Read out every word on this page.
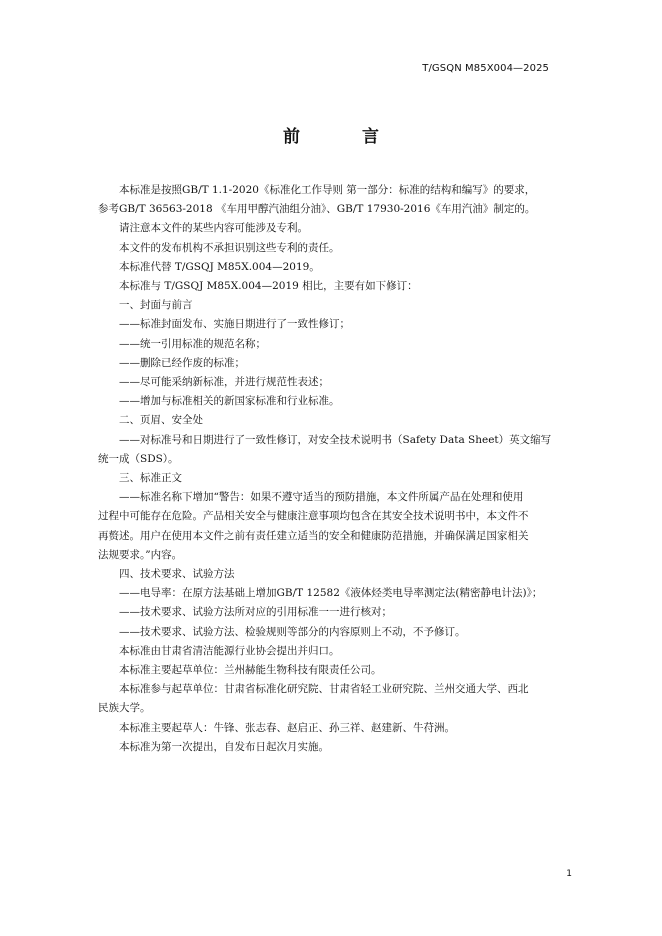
T/GSQN M85X004—2025
前 言

本标准是按照GB/T 1.1-2020《标准化工作导则 第一部分：标准的结构和编写》的要求，

参考GB/T 36563-2018 《车用甲醇汽油组分油》、GB/T 17930-2016《车用汽油》制定的。

请注意本文件的某些内容可能涉及专利。

本文件的发布机构不承担识别这些专利的责任。

本标准代替 T/GSQJ M85X.004—2019。

本标准与 T/GSQJ M85X.004—2019 相比，主要有如下修订：

一、封面与前言

——标准封面发布、实施日期进行了一致性修订；

——统一引用标准的规范名称；

——删除已经作废的标准；

——尽可能采纳新标准，并进行规范性表述；

——增加与标准相关的新国家标准和行业标准。

二、页眉、安全处

——对标准号和日期进行了一致性修订，对安全技术说明书（Safety Data Sheet）英文缩写

统一成（SDS）。

三、标准正文

——标准名称下增加“警告：如果不遵守适当的预防措施，本文件所属产品在处理和使用

过程中可能存在危险。产品相关安全与健康注意事项均包含在其安全技术说明书中，本文件不

再赘述。用户在使用本文件之前有责任建立适当的安全和健康防范措施，并确保满足国家相关

法规要求。”内容。

四、技术要求、试验方法

——电导率：在原方法基础上增加GB/T 12582《液体烃类电导率测定法(精密静电计法)》；

——技术要求、试验方法所对应的引用标准一一进行核对；

——技术要求、试验方法、检验规则等部分的内容原则上不动，不予修订。

本标准由甘肃省清洁能源行业协会提出并归口。

本标准主要起草单位：兰州赫能生物科技有限责任公司。

本标准参与起草单位：甘肃省标准化研究院、甘肃省轻工业研究院、兰州交通大学、西北

民族大学。

本标准主要起草人：牛锋、张志春、赵启正、孙三祥、赵建新、牛苻洲。

本标准为第一次提出，自发布日起次月实施。

1
